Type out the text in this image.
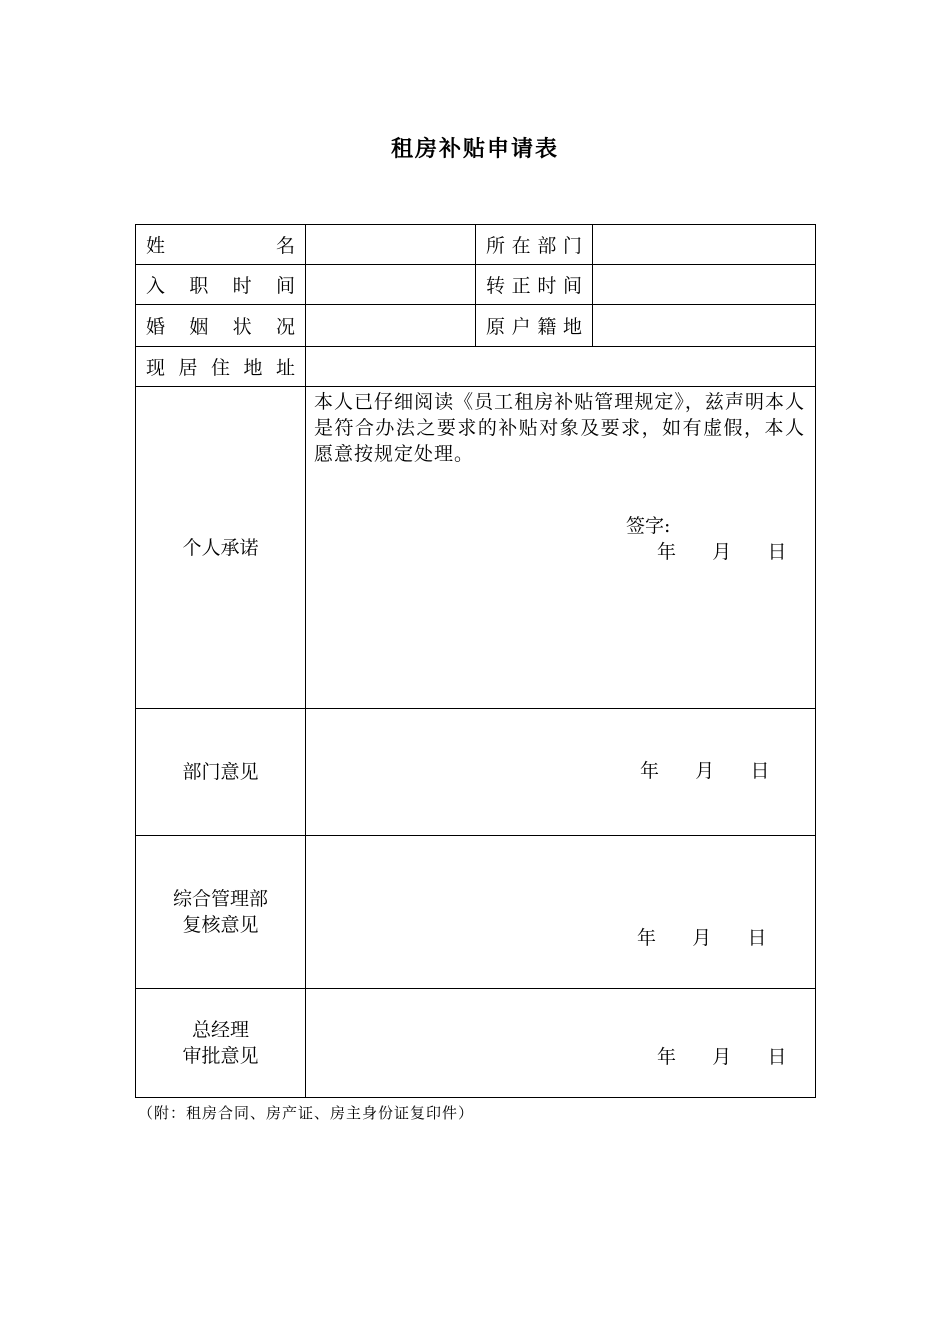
租房补贴申请表
姓　　　　名		所在部门	
入　职　时　间		转正时间	
婚　姻　状　况		原户籍地	
现居住地址			
个人承诺	本人已仔细阅读《员工租房补贴管理规定》，兹声明本人是符合办法之要求的补贴对象及要求，如有虚假，本人愿意按规定处理。
签字:
年 月 日		

部门意见	年 月 日		

综合管理部
复核意见	年 月 日		

总经理
审批意见	年 月 日		
（附：租房合同、房产证、房主身份证复印件）
